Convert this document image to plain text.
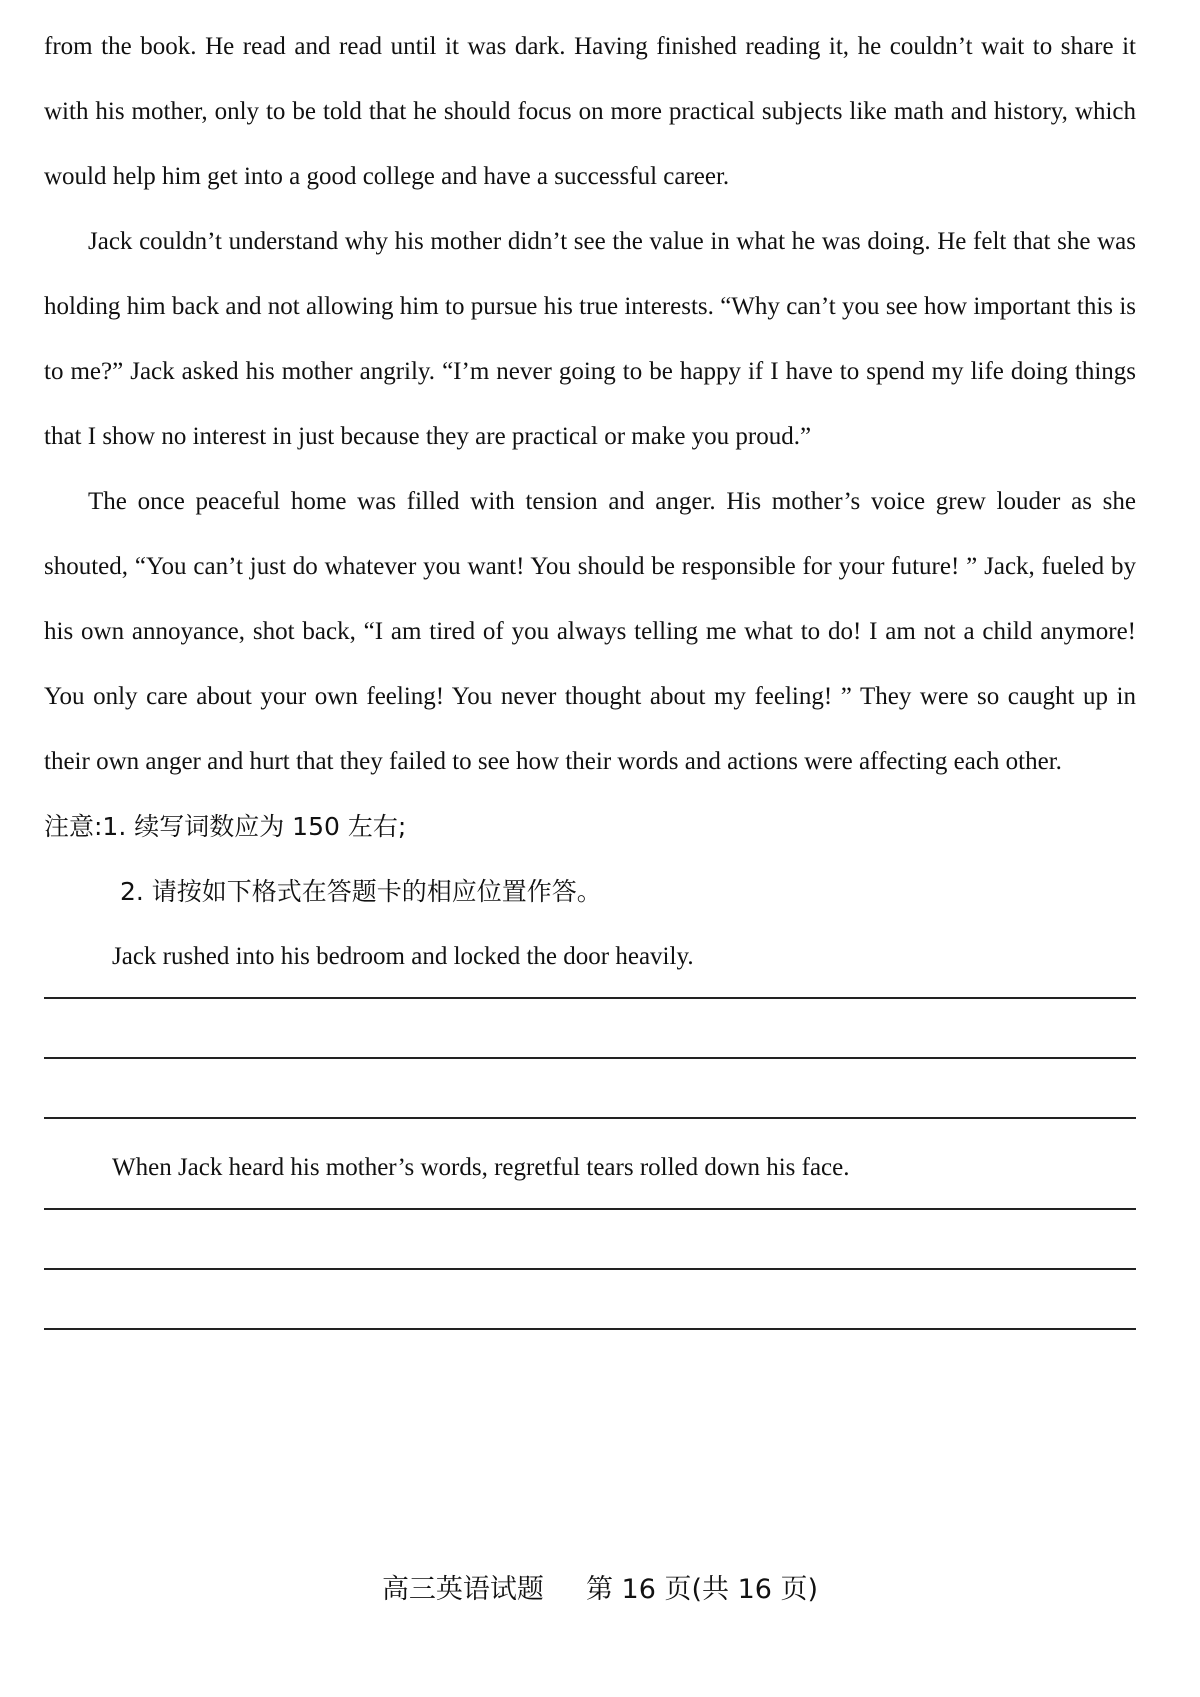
from the book. He read and read until it was dark. Having finished reading it, he couldn’t wait to share it with his mother, only to be told that he should focus on more practical subjects like math and history, which would help him get into a good college and have a successful career.

Jack couldn’t understand why his mother didn’t see the value in what he was doing. He felt that she was holding him back and not allowing him to pursue his true interests. “Why can’t you see how important this is to me?” Jack asked his mother angrily. “I’m never going to be happy if I have to spend my life doing things that I show no interest in just because they are practical or make you proud.”

The once peaceful home was filled with tension and anger. His mother’s voice grew louder as she shouted, “You can’t just do whatever you want! You should be responsible for your future! ” Jack, fueled by his own annoyance, shot back, “I am tired of you always telling me what to do! I am not a child anymore! You only care about your own feeling! You never thought about my feeling! ” They were so caught up in their own anger and hurt that they failed to see how their words and actions were affecting each other.

注意:1. 续写词数应为 150 左右;

2. 请按如下格式在答题卡的相应位置作答。

Jack rushed into his bedroom and locked the door heavily.

When Jack heard his mother’s words, regretful tears rolled down his face.

高三英语试题 第 16 页(共 16 页)
